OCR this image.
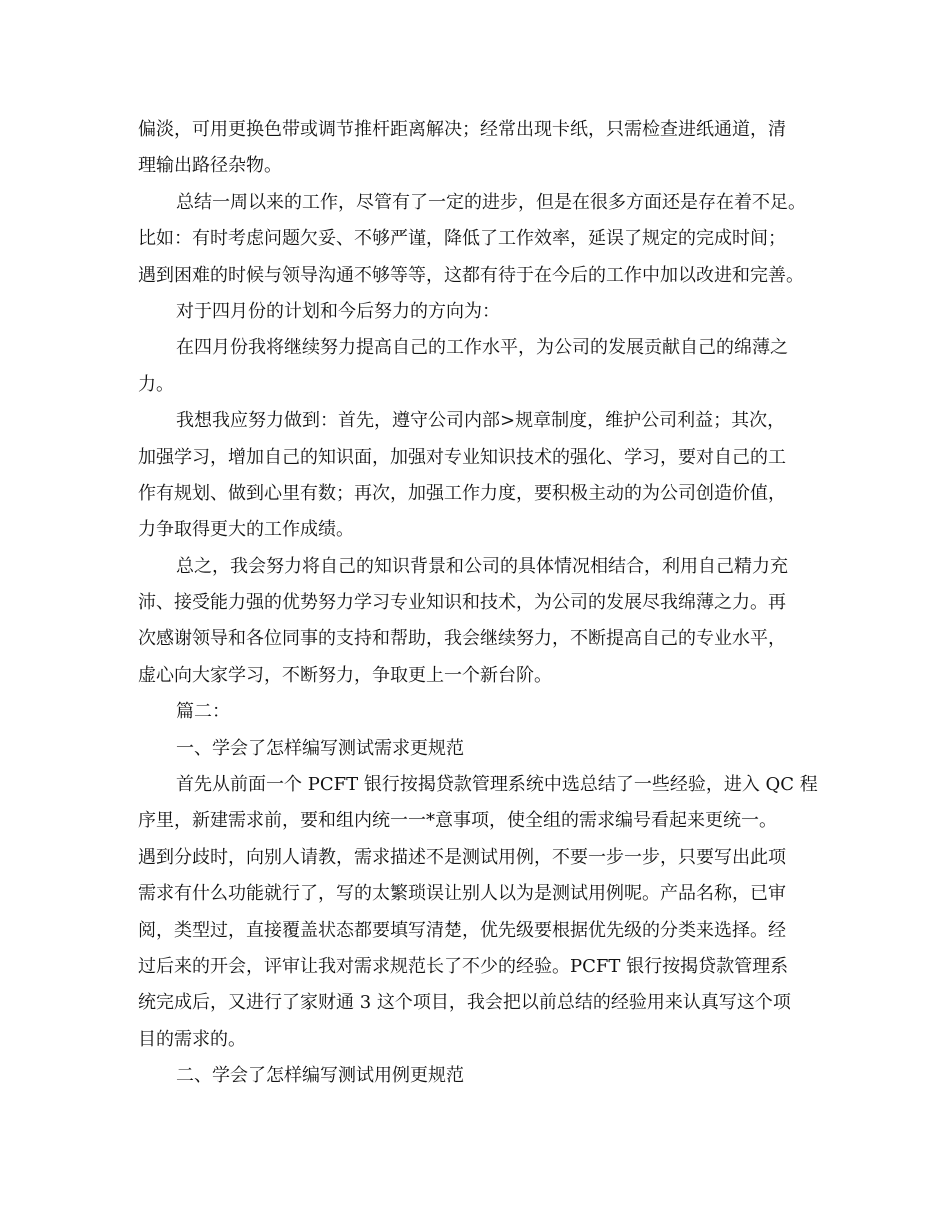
偏淡，可用更换色带或调节推杆距离解决；经常出现卡纸，只需检查进纸通道，清
理输出路径杂物。
总结一周以来的工作，尽管有了一定的进步，但是在很多方面还是存在着不足。
比如：有时考虑问题欠妥、不够严谨，降低了工作效率，延误了规定的完成时间；
遇到困难的时候与领导沟通不够等等，这都有待于在今后的工作中加以改进和完善。
对于四月份的计划和今后努力的方向为：
在四月份我将继续努力提高自己的工作水平，为公司的发展贡献自己的绵薄之
力。
我想我应努力做到：首先，遵守公司内部>规章制度，维护公司利益；其次，
加强学习，增加自己的知识面，加强对专业知识技术的强化、学习，要对自己的工
作有规划、做到心里有数；再次，加强工作力度，要积极主动的为公司创造价值，
力争取得更大的工作成绩。
总之，我会努力将自己的知识背景和公司的具体情况相结合，利用自己精力充
沛、接受能力强的优势努力学习专业知识和技术，为公司的发展尽我绵薄之力。再
次感谢领导和各位同事的支持和帮助，我会继续努力，不断提高自己的专业水平，
虚心向大家学习，不断努力，争取更上一个新台阶。
篇二：
一、学会了怎样编写测试需求更规范
首先从前面一个 PCFT 银行按揭贷款管理系统中选总结了一些经验，进入 QC 程
序里，新建需求前，要和组内统一一*意事项，使全组的需求编号看起来更统一。
遇到分歧时，向别人请教，需求描述不是测试用例，不要一步一步，只要写出此项
需求有什么功能就行了，写的太繁琐误让别人以为是测试用例呢。产品名称，已审
阅，类型过，直接覆盖状态都要填写清楚，优先级要根据优先级的分类来选择。经
过后来的开会，评审让我对需求规范长了不少的经验。PCFT 银行按揭贷款管理系
统完成后，又进行了家财通 3 这个项目，我会把以前总结的经验用来认真写这个项
目的需求的。
二、学会了怎样编写测试用例更规范
